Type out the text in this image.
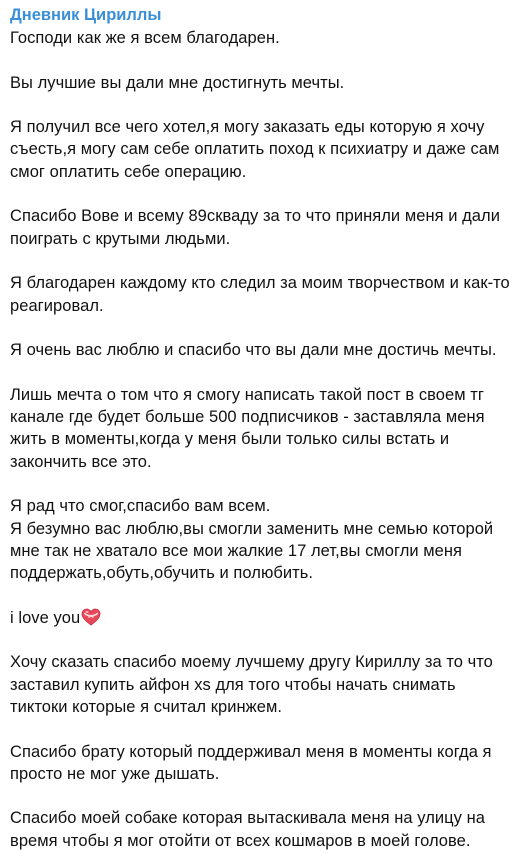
Дневник Цириллы
Господи как же я всем благодарен.
Вы лучшие вы дали мне достигнуть мечты.
Я получил все чего хотел,я могу заказать еды которую я хочу
съесть,я могу сам себе оплатить поход к психиатру и даже сам
смог оплатить себе операцию.
Спасибо Вове и всему 89скваду за то что приняли меня и дали
поиграть с крутыми людьми.
Я благодарен каждому кто следил за моим творчеством и как-то
реагировал.
Я очень вас люблю и спасибо что вы дали мне достичь мечты.
Лишь мечта о том что я смогу написать такой пост в своем тг
канале где будет больше 500 подписчиков - заставляла меня
жить в моменты,когда у меня были только силы встать и
закончить все это.
Я рад что смог,спасибо вам всем.
Я безумно вас люблю,вы смогли заменить мне семью которой
мне так не хватало все мои жалкие 17 лет,вы смогли меня
поддержать,обуть,обучить и полюбить.
i love you
Хочу сказать спасибо моему лучшему другу Кириллу за то что
заставил купить айфон xs для того чтобы начать снимать
тиктоки которые я считал кринжем.
Спасибо брату который поддерживал меня в моменты когда я
просто не мог уже дышать.
Спасибо моей собаке которая вытаскивала меня на улицу на
время чтобы я мог отойти от всех кошмаров в моей голове.
